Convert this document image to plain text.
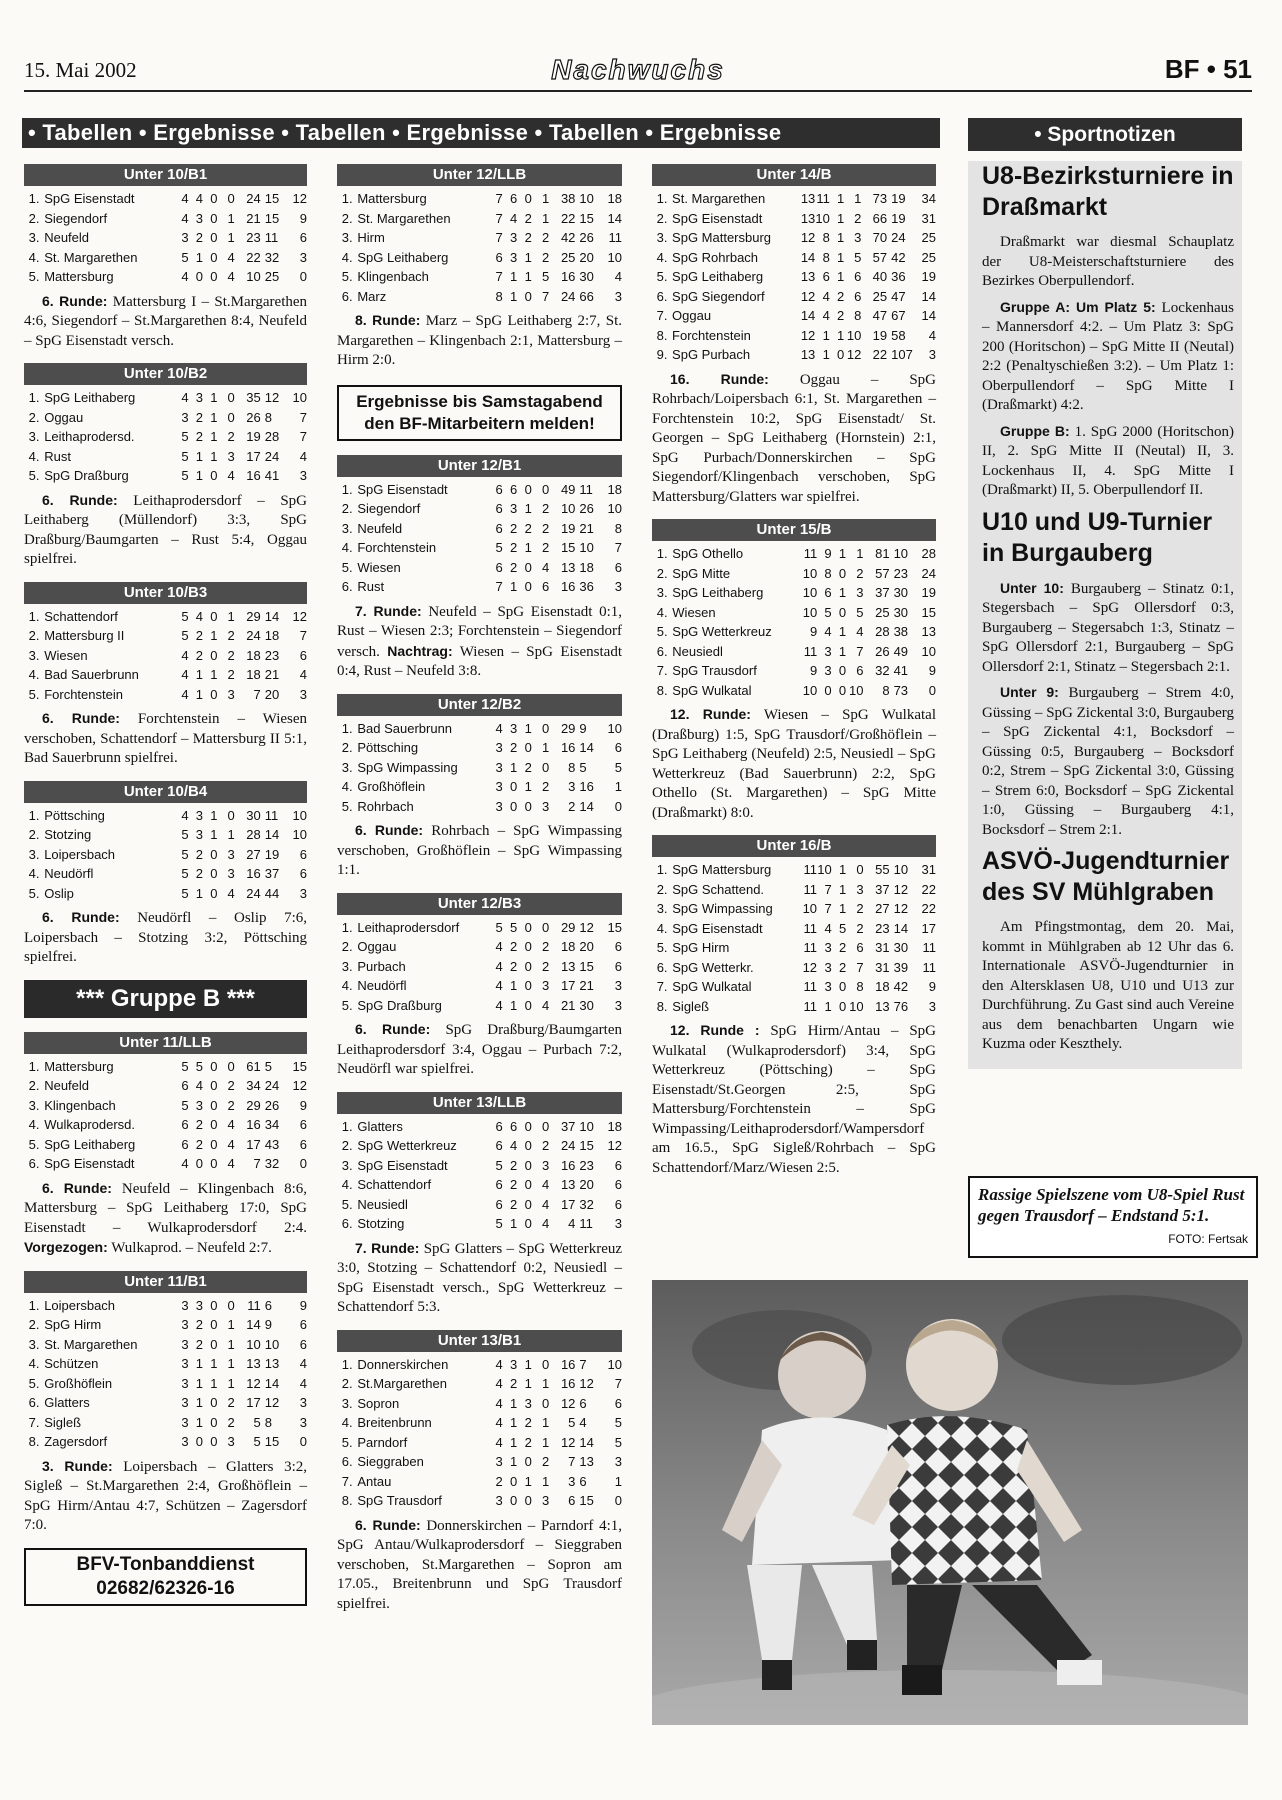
15. Mai 2002	Nachwuchs	BF • 51
• Tabellen • Ergebnisse • Tabellen • Ergebnisse • Tabellen • Ergebnisse
Unter 10/B1
1.	SpG Eisenstadt	4	4	0	0	24	15	12
2.	Siegendorf	4	3	0	1	21	15	9
3.	Neufeld	3	2	0	1	23	11	6
4.	St. Margarethen	5	1	0	4	22	32	3
5.	Mattersburg	4	0	0	4	10	25	0
6. Runde: Mattersburg I – St.Margarethen 4:6, Siegendorf – St.Margarethen 8:4, Neufeld – SpG Eisenstadt versch.
Unter 10/B2
1.	SpG Leithaberg	4	3	1	0	35	12	10
2.	Oggau	3	2	1	0	26	8	7
3.	Leithaprodersd.	5	2	1	2	19	28	7
4.	Rust	5	1	1	3	17	24	4
5.	SpG Draßburg	5	1	0	4	16	41	3
6. Runde: Leithaprodersdorf – SpG Leithaberg (Müllendorf) 3:3, SpG Draßburg/Baumgarten – Rust 5:4, Oggau spielfrei.
Unter 10/B3
1.	Schattendorf	5	4	0	1	29	14	12
2.	Mattersburg II	5	2	1	2	24	18	7
3.	Wiesen	4	2	0	2	18	23	6
4.	Bad Sauerbrunn	4	1	1	2	18	21	4
5.	Forchtenstein	4	1	0	3	7	20	3
6. Runde: Forchtenstein – Wiesen verschoben, Schattendorf – Mattersburg II 5:1, Bad Sauerbrunn spielfrei.
Unter 10/B4
1.	Pöttsching	4	3	1	0	30	11	10
2.	Stotzing	5	3	1	1	28	14	10
3.	Loipersbach	5	2	0	3	27	19	6
4.	Neudörfl	5	2	0	3	16	37	6
5.	Oslip	5	1	0	4	24	44	3
6. Runde: Neudörfl – Oslip 7:6, Loipersbach – Stotzing 3:2, Pöttsching spielfrei.
*** Gruppe B ***
Unter 11/LLB
1.	Mattersburg	5	5	0	0	61	5	15
2.	Neufeld	6	4	0	2	34	24	12
3.	Klingenbach	5	3	0	2	29	26	9
4.	Wulkaprodersd.	6	2	0	4	16	34	6
5.	SpG Leithaberg	6	2	0	4	17	43	6
6.	SpG Eisenstadt	4	0	0	4	7	32	0
6. Runde: Neufeld – Klingenbach 8:6, Mattersburg – SpG Leithaberg 17:0, SpG Eisenstadt – Wulkaprodersdorf 2:4. Vorgezogen: Wulkaprod. – Neufeld 2:7.
Unter 11/B1
1.	Loipersbach	3	3	0	0	11	6	9
2.	SpG Hirm	3	2	0	1	14	9	6
3.	St. Margarethen	3	2	0	1	10	10	6
4.	Schützen	3	1	1	1	13	13	4
5.	Großhöflein	3	1	1	1	12	14	4
6.	Glatters	3	1	0	2	17	12	3
7.	Sigleß	3	1	0	2	5	8	3
8.	Zagersdorf	3	0	0	3	5	15	0
3. Runde: Loipersbach – Glatters 3:2, Sigleß – St.Margarethen 2:4, Großhöflein – SpG Hirm/Antau 4:7, Schützen – Zagersdorf 7:0.
BFV-Tonbanddienst
02682/62326-16
Unter 12/LLB
1.	Mattersburg	7	6	0	1	38	10	18
2.	St. Margarethen	7	4	2	1	22	15	14
3.	Hirm	7	3	2	2	42	26	11
4.	SpG Leithaberg	6	3	1	2	25	20	10
5.	Klingenbach	7	1	1	5	16	30	4
6.	Marz	8	1	0	7	24	66	3
8. Runde: Marz – SpG Leithaberg 2:7, St. Margarethen – Klingenbach 2:1, Mattersburg – Hirm 2:0.
Ergebnisse bis Samstagabend
den BF-Mitarbeitern melden!
Unter 12/B1
1.	SpG Eisenstadt	6	6	0	0	49	11	18
2.	Siegendorf	6	3	1	2	10	26	10
3.	Neufeld	6	2	2	2	19	21	8
4.	Forchtenstein	5	2	1	2	15	10	7
5.	Wiesen	6	2	0	4	13	18	6
6.	Rust	7	1	0	6	16	36	3
7. Runde: Neufeld – SpG Eisenstadt 0:1, Rust – Wiesen 2:3; Forchtenstein – Siegendorf versch. Nachtrag: Wiesen – SpG Eisenstadt 0:4, Rust – Neufeld 3:8.
Unter 12/B2
1.	Bad Sauerbrunn	4	3	1	0	29	9	10
2.	Pöttsching	3	2	0	1	16	14	6
3.	SpG Wimpassing	3	1	2	0	8	5	5
4.	Großhöflein	3	0	1	2	3	16	1
5.	Rohrbach	3	0	0	3	2	14	0
6. Runde: Rohrbach – SpG Wimpassing verschoben, Großhöflein – SpG Wimpassing 1:1.
Unter 12/B3
1.	Leithaprodersdorf	5	5	0	0	29	12	15
2.	Oggau	4	2	0	2	18	20	6
3.	Purbach	4	2	0	2	13	15	6
4.	Neudörfl	4	1	0	3	17	21	3
5.	SpG Draßburg	4	1	0	4	21	30	3
6. Runde: SpG Draßburg/Baumgarten Leithaprodersdorf 3:4, Oggau – Purbach 7:2, Neudörfl war spielfrei.
Unter 13/LLB
1.	Glatters	6	6	0	0	37	10	18
2.	SpG Wetterkreuz	6	4	0	2	24	15	12
3.	SpG Eisenstadt	5	2	0	3	16	23	6
4.	Schattendorf	6	2	0	4	13	20	6
5.	Neusiedl	6	2	0	4	17	32	6
6.	Stotzing	5	1	0	4	4	11	3
7. Runde: SpG Glatters – SpG Wetterkreuz 3:0, Stotzing – Schattendorf 0:2, Neusiedl – SpG Eisenstadt versch., SpG Wetterkreuz – Schattendorf 5:3.
Unter 13/B1
1.	Donnerskirchen	4	3	1	0	16	7	10
2.	St.Margarethen	4	2	1	1	16	12	7
3.	Sopron	4	1	3	0	12	6	6
4.	Breitenbrunn	4	1	2	1	5	4	5
5.	Parndorf	4	1	2	1	12	14	5
6.	Sieggraben	3	1	0	2	7	13	3
7.	Antau	2	0	1	1	3	6	1
8.	SpG Trausdorf	3	0	0	3	6	15	0
6. Runde: Donnerskirchen – Parndorf 4:1, SpG Antau/Wulkaprodersdorf – Sieggraben verschoben, St.Margarethen – Sopron am 17.05., Breitenbrunn und SpG Trausdorf spielfrei.
Unter 14/B
1.	St. Margarethen	13	11	1	1	73	19	34
2.	SpG Eisenstadt	13	10	1	2	66	19	31
3.	SpG Mattersburg	12	8	1	3	70	24	25
4.	SpG Rohrbach	14	8	1	5	57	42	25
5.	SpG Leithaberg	13	6	1	6	40	36	19
6.	SpG Siegendorf	12	4	2	6	25	47	14
7.	Oggau	14	4	2	8	47	67	14
8.	Forchtenstein	12	1	1	10	19	58	4
9.	SpG Purbach	13	1	0	12	22	107	3
16. Runde: Oggau – SpG Rohrbach/Loipersbach 6:1, St. Margarethen – Forchtenstein 10:2, SpG Eisenstadt/ St. Georgen – SpG Leithaberg (Hornstein) 2:1, SpG Purbach/Donnerskirchen – SpG Siegendorf/Klingenbach verschoben, SpG Mattersburg/Glatters war spielfrei.
Unter 15/B
1.	SpG Othello	11	9	1	1	81	10	28
2.	SpG Mitte	10	8	0	2	57	23	24
3.	SpG Leithaberg	10	6	1	3	37	30	19
4.	Wiesen	10	5	0	5	25	30	15
5.	SpG Wetterkreuz	9	4	1	4	28	38	13
6.	Neusiedl	11	3	1	7	26	49	10
7.	SpG Trausdorf	9	3	0	6	32	41	9
8.	SpG Wulkatal	10	0	0	10	8	73	0
12. Runde: Wiesen – SpG Wulkatal (Draßburg) 1:5, SpG Trausdorf/Großhöflein – SpG Leithaberg (Neufeld) 2:5, Neusiedl – SpG Wetterkreuz (Bad Sauerbrunn) 2:2, SpG Othello (St. Margarethen) – SpG Mitte (Draßmarkt) 8:0.
Unter 16/B
1.	SpG Mattersburg	11	10	1	0	55	10	31
2.	SpG Schattend.	11	7	1	3	37	12	22
3.	SpG Wimpassing	10	7	1	2	27	12	22
4.	SpG Eisenstadt	11	4	5	2	23	14	17
5.	SpG Hirm	11	3	2	6	31	30	11
6.	SpG Wetterkr.	12	3	2	7	31	39	11
7.	SpG Wulkatal	11	3	0	8	18	42	9
8.	Sigleß	11	1	0	10	13	76	3
12. Runde : SpG Hirm/Antau – SpG Wulkatal (Wulkaprodersdorf) 3:4, SpG Wetterkreuz (Pöttsching) – SpG Eisenstadt/St.Georgen 2:5, SpG Mattersburg/Forchtenstein – SpG Wimpassing/Leithaprodersdorf/Wampersdorf am 16.5., SpG Sigleß/Rohrbach – SpG Schattendorf/Marz/Wiesen 2:5.
• Sportnotizen
U8-Bezirksturniere in Draßmarkt

Draßmarkt war diesmal Schauplatz der U8-Meisterschaftsturniere des Bezirkes Oberpullendorf.

Gruppe A: Um Platz 5: Lockenhaus – Mannersdorf 4:2. – Um Platz 3: SpG 200 (Horitschon) – SpG Mitte II (Neutal) 2:2 (Penaltyschießen 3:2). – Um Platz 1: Oberpullendorf – SpG Mitte I (Draßmarkt) 4:2.

Gruppe B: 1. SpG 2000 (Horitschon) II, 2. SpG Mitte II (Neutal) II, 3. Lockenhaus II, 4. SpG Mitte I (Draßmarkt) II, 5. Oberpullendorf II.

U10 und U9-Turnier in Burgauberg

Unter 10: Burgauberg – Stinatz 0:1, Stegersbach – SpG Ollersdorf 0:3, Burgauberg – Stegersabch 1:3, Stinatz – SpG Ollersdorf 2:1, Burgauberg – SpG Ollersdorf 2:1, Stinatz – Stegersbach 2:1.

Unter 9: Burgauberg – Strem 4:0, Güssing – SpG Zickental 3:0, Burgauberg – SpG Zickental 4:1, Bocksdorf – Güssing 0:5, Burgauberg – Bocksdorf 0:2, Strem – SpG Zickental 3:0, Güssing – Strem 6:0, Bocksdorf – SpG Zickental 1:0, Güssing – Burgauberg 4:1, Bocksdorf – Strem 2:1.

ASVÖ-Jugendturnier des SV Mühlgraben

Am Pfingstmontag, dem 20. Mai, kommt in Mühlgraben ab 12 Uhr das 6. Internationale ASVÖ-Jugendturnier in den Altersklasen U8, U10 und U13 zur Durchführung. Zu Gast sind auch Vereine aus dem benachbarten Ungarn wie Kuzma oder Keszthely.

Rassige Spielszene vom U8-Spiel Rust gegen Trausdorf – Endstand 5:1.
FOTO: Fertsak
